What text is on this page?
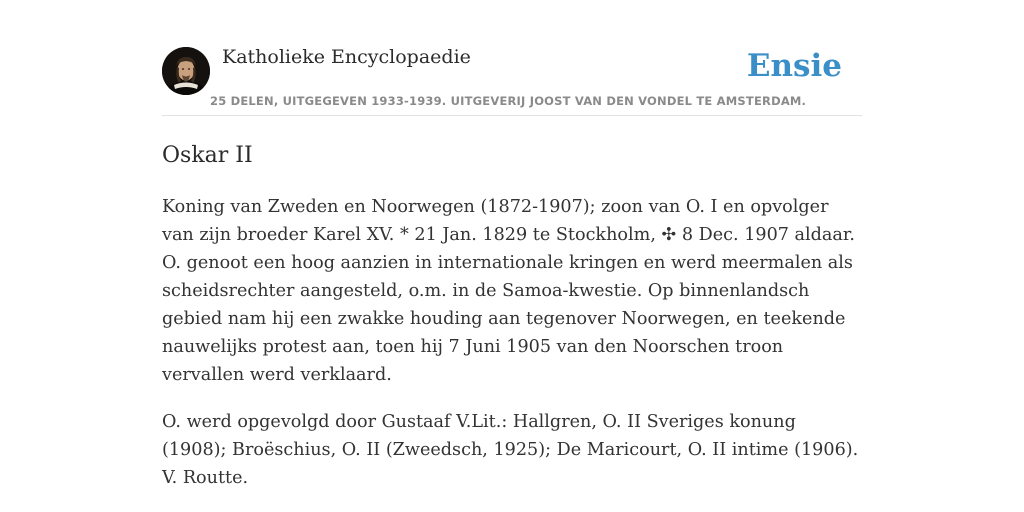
Katholieke Encyclopaedie	Ensie
25 DELEN, UITGEGEVEN 1933-1939. UITGEVERIJ JOOST VAN DEN VONDEL TE AMSTERDAM.
Oskar II

Koning van Zweden en Noorwegen (1872-1907); zoon van O. I en opvolger van zijn broeder Karel XV. * 21 Jan. 1829 te Stockholm, ✣ 8 Dec. 1907 aldaar. O. genoot een hoog aanzien in internationale kringen en werd meermalen als scheidsrechter aangesteld, o.m. in de Samoa-kwestie. Op binnenlandsch gebied nam hij een zwakke houding aan tegenover Noorwegen, en teekende nauwelijks protest aan, toen hij 7 Juni 1905 van den Noorschen troon vervallen werd verklaard.

O. werd opgevolgd door Gustaaf V.Lit.: Hallgren, O. II Sveriges konung (1908); Broëschius, O. II (Zweedsch, 1925); De Maricourt, O. II intime (1906). V. Routte.
